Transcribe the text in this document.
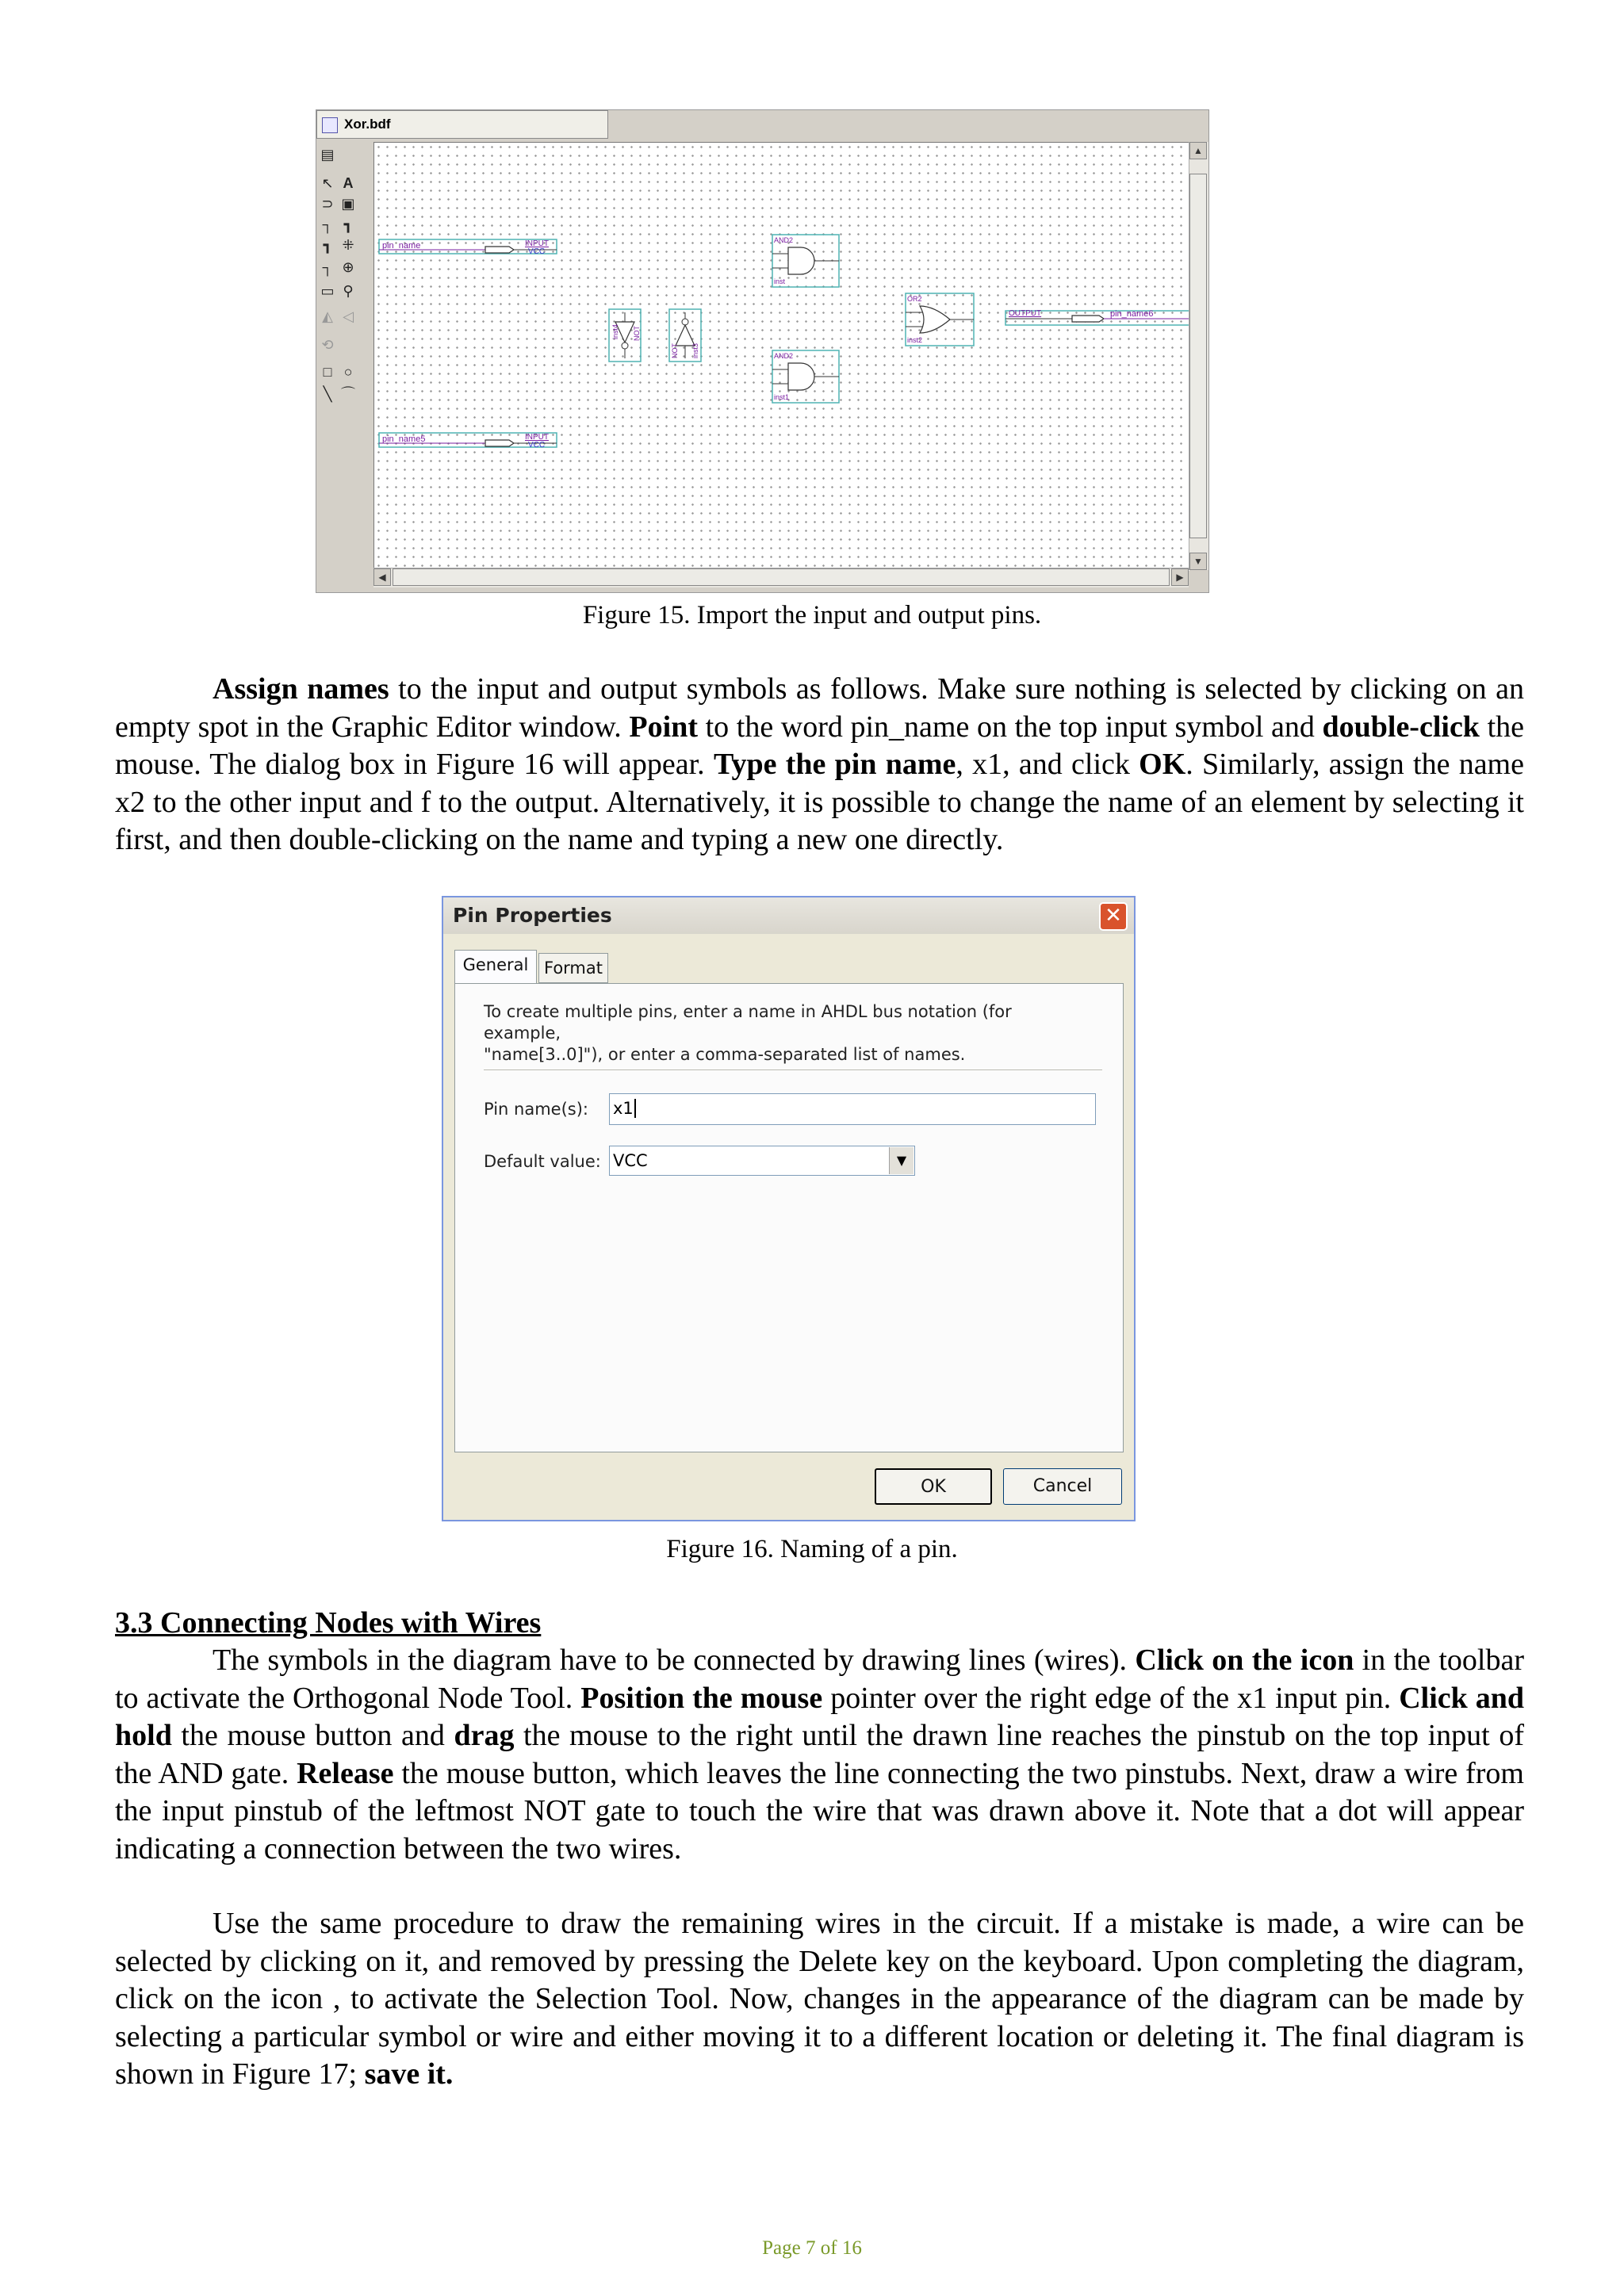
Xor.bdf
▤
↖ A
⊃ ▣
┐ ┓
┓ ⁜
┐ ⊕
▭ ⚲
◭ ◁
⟲
□ ○
╲ ⌒
pin_name	INPUT
VCC
pin_name5	INPUT
VCC
inst4 NOT
NOT inst3
AND2
inst
AND2
inst1
OR2
inst2
OUTPUT	pin_name6
▲
▼
◀	▶
Figure 15. Import the input and output pins.
Assign names to the input and output symbols as follows. Make sure nothing is selected by clicking on an empty spot in the Graphic Editor window. Point to the word pin_name on the top input symbol and double-click the mouse. The dialog box in Figure 16 will appear. Type the pin name, x1, and click OK. Similarly, assign the name x2 to the other input and f to the output. Alternatively, it is possible to change the name of an element by selecting it first, and then double-clicking on the name and typing a new one directly.
Pin Properties	✕
General Format
To create multiple pins, enter a name in AHDL bus notation (for example,
"name[3..0]"), or enter a comma-separated list of names.
Pin name(s): x1
Default value: VCC	▼
OK	Cancel
Figure 16. Naming of a pin.
3.3 Connecting Nodes with Wires
The symbols in the diagram have to be connected by drawing lines (wires). Click on the icon in the toolbar to activate the Orthogonal Node Tool. Position the mouse pointer over the right edge of the x1 input pin. Click and hold the mouse button and drag the mouse to the right until the drawn line reaches the pinstub on the top input of the AND gate. Release the mouse button, which leaves the line connecting the two pinstubs. Next, draw a wire from the input pinstub of the leftmost NOT gate to touch the wire that was drawn above it. Note that a dot will appear indicating a connection between the two wires.
Use the same procedure to draw the remaining wires in the circuit. If a mistake is made, a wire can be selected by clicking on it, and removed by pressing the Delete key on the keyboard. Upon completing the diagram, click on the icon , to activate the Selection Tool. Now, changes in the appearance of the diagram can be made by selecting a particular symbol or wire and either moving it to a different location or deleting it. The final diagram is shown in Figure 17; save it.
Page 7 of 16
